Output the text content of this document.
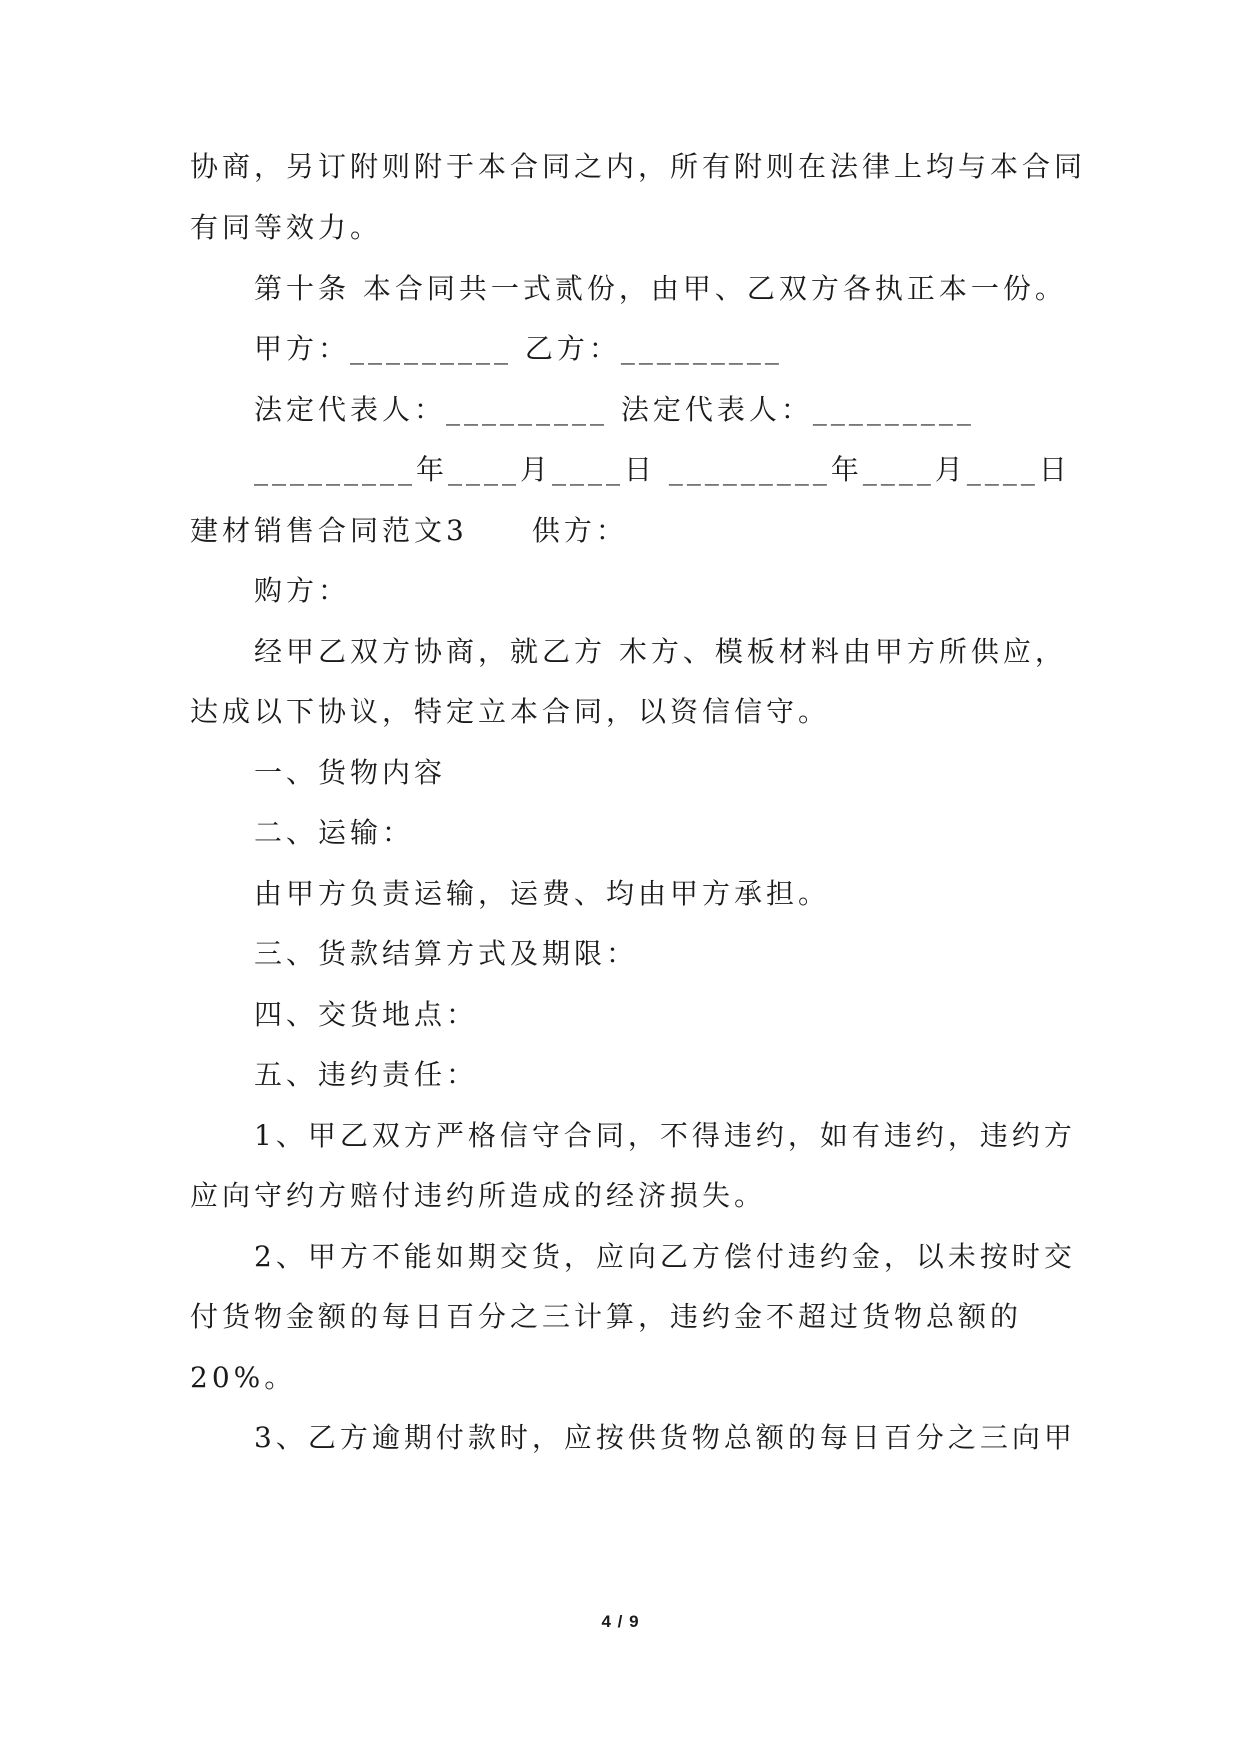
协商，另订附则附于本合同之内，所有附则在法律上均与本合同
有同等效力。
第十条 本合同共一式贰份，由甲、乙双方各执正本一份。
甲方：_________ 乙方：_________
法定代表人：_________ 法定代表人：_________
_________年____月____日 _________年____月____日
建材销售合同范文3　　供方：
购方：
经甲乙双方协商，就乙方 木方、模板材料由甲方所供应，
达成以下协议，特定立本合同，以资信信守。
一、货物内容
二、运输：
由甲方负责运输，运费、均由甲方承担。
三、货款结算方式及期限：
四、交货地点：
五、违约责任：
1、甲乙双方严格信守合同，不得违约，如有违约，违约方
应向守约方赔付违约所造成的经济损失。
2、甲方不能如期交货，应向乙方偿付违约金，以未按时交
付货物金额的每日百分之三计算，违约金不超过货物总额的
20%。
3、乙方逾期付款时，应按供货物总额的每日百分之三向甲
4 / 9
